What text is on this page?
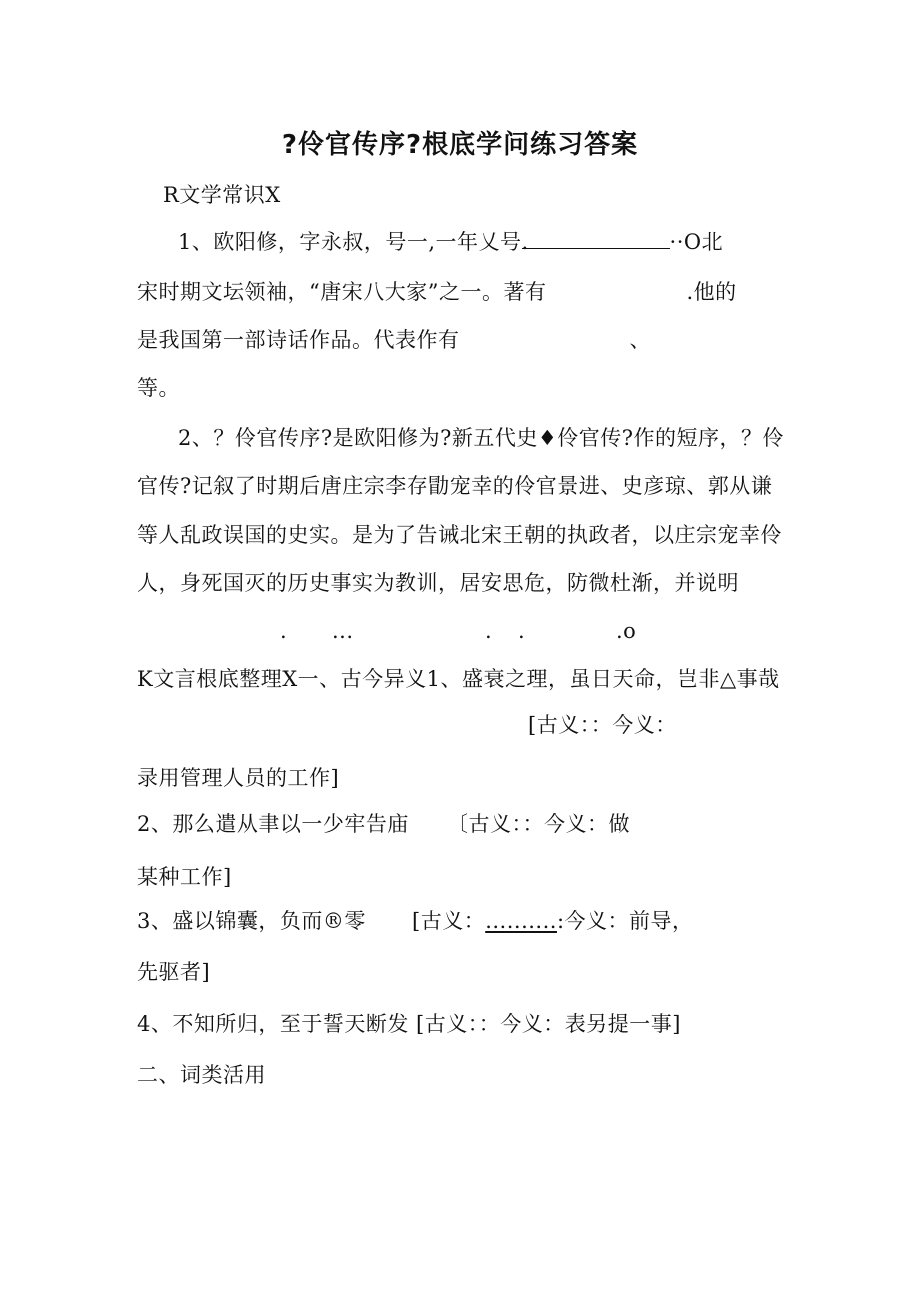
?伶官传序?根底学问练习答案
R文学常识X
1、欧阳修，字永叔，号一,一年乂号.	··O北
宋时期文坛领袖，“唐宋八大家”之一。著有	.他的
是我国第一部诗话作品。代表作有	、
等。
2、？伶官传序?是欧阳修为?新五代史♦伶官传?作的短序，？伶
官传?记叙了时期后唐庄宗李存勖宠幸的伶官景进、史彦琼、郭从谦
等人乱政误国的史实。是为了告诫北宋王朝的执政者，以庄宗宠幸伶
人，身死国灭的历史事实为教训，居安思危，防微杜渐，并说明
. ...	. .	.o
K文言根底整理X一、古今异义1、盛衰之理，虽日天命，岂非△事哉
[古义：：今义：
录用管理人员的工作]
2、那么遣从聿以一少牢告庙 〔古义：：今义：做
某种工作]
3、盛以锦囊，负而®零 [古义：..........:今义：前导，
先驱者]
4、不知所归，至于誓天断发 [古义：：今义：表另提一事]
二、词类活用
